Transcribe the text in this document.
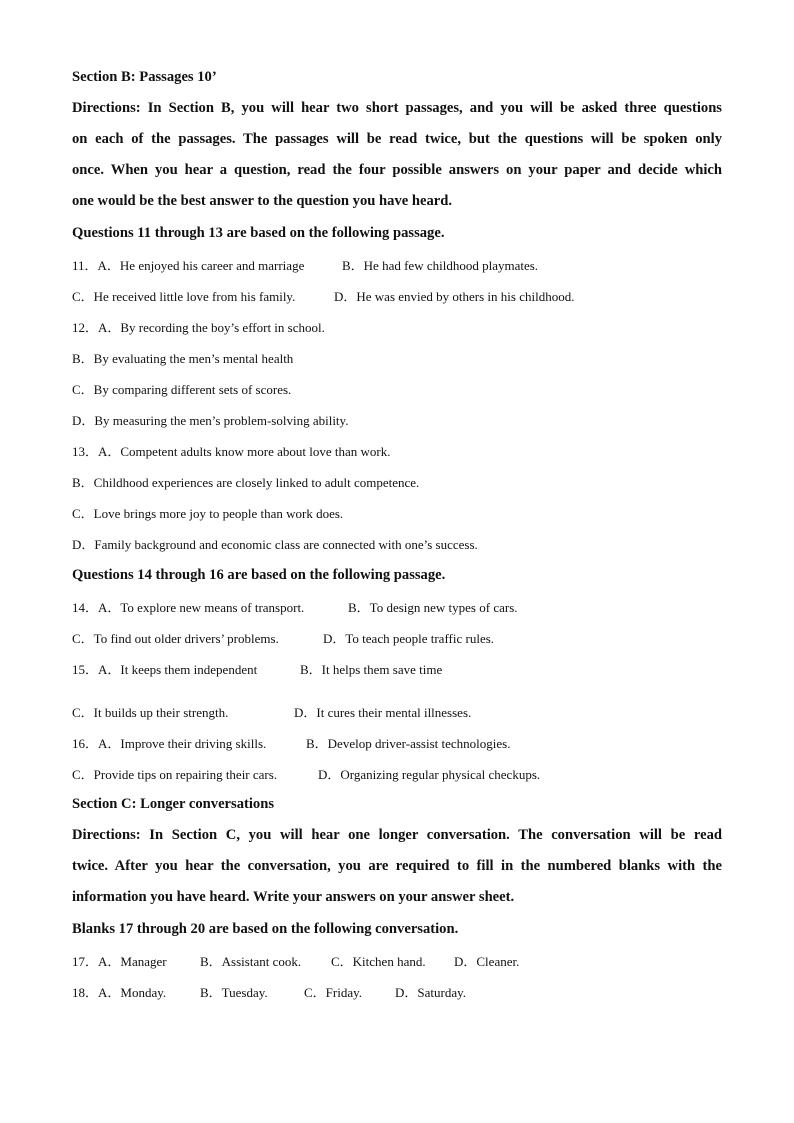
Section B: Passages 10’
Directions: In Section B, you will hear two short passages, and you will be asked three questions
on each of the passages. The passages will be read twice, but the questions will be spoken only
once. When you hear a question, read the four possible answers on your paper and decide which
one would be the best answer to the question you have heard.
Questions 11 through 13 are based on the following passage.
11．A．He enjoyed his career and marriage	B．He had few childhood playmates.
C．He received little love from his family.	D．He was envied by others in his childhood.
12．A．By recording the boy’s effort in school.
B．By evaluating the men’s mental health
C．By comparing different sets of scores.
D．By measuring the men’s problem-solving ability.
13．A．Competent adults know more about love than work.
B．Childhood experiences are closely linked to adult competence.
C．Love brings more joy to people than work does.
D．Family background and economic class are connected with one’s success.
Questions 14 through 16 are based on the following passage.
14．A．To explore new means of transport.	B．To design new types of cars.
C．To find out older drivers’ problems.	D．To teach people traffic rules.
15．A．It keeps them independent	B．It helps them save time
C．It builds up their strength.	D．It cures their mental illnesses.
16．A．Improve their driving skills.	B．Develop driver-assist technologies.
C．Provide tips on repairing their cars.	D．Organizing regular physical checkups.
Section C: Longer conversations
Directions: In Section C, you will hear one longer conversation. The conversation will be read
twice. After you hear the conversation, you are required to fill in the numbered blanks with the
information you have heard. Write your answers on your answer sheet.
Blanks 17 through 20 are based on the following conversation.
17．A．Manager	B．Assistant cook.	C．Kitchen hand.	D．Cleaner.
18．A．Monday.	B．Tuesday.	C．Friday.	D．Saturday.
